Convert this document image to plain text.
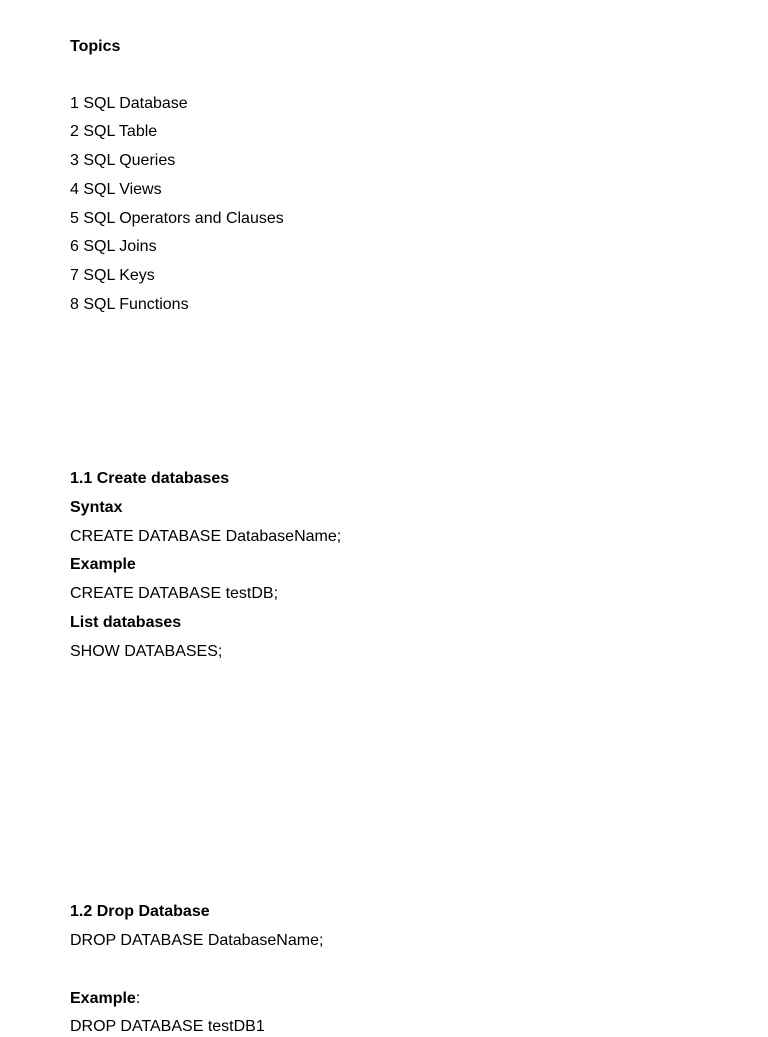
Topics
1 SQL Database
2 SQL Table
3 SQL Queries
4 SQL Views
5 SQL Operators and Clauses
6 SQL Joins
7 SQL Keys
8 SQL Functions
1.1 Create databases
Syntax
CREATE DATABASE DatabaseName;
Example
CREATE DATABASE testDB;
List databases
SHOW DATABASES;
1.2 Drop Database
DROP DATABASE DatabaseName;
Example:
DROP DATABASE testDB1
